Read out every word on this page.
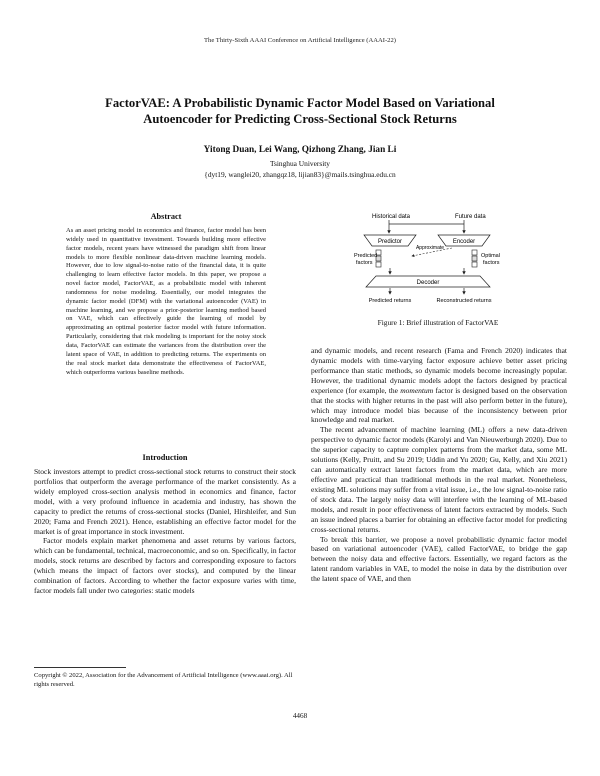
The Thirty-Sixth AAAI Conference on Artificial Intelligence (AAAI-22)
FactorVAE: A Probabilistic Dynamic Factor Model Based on Variational
Autoencoder for Predicting Cross-Sectional Stock Returns
Yitong Duan, Lei Wang, Qizhong Zhang, Jian Li
Tsinghua University
{dyt19, wanglei20, zhangqz18, lijian83}@mails.tsinghua.edu.cn
Abstract
As an asset pricing model in economics and finance, factor model has been widely used in quantitative investment. Towards building more effective factor models, recent years have witnessed the paradigm shift from linear models to more flexible nonlinear data-driven machine learning models. However, due to low signal-to-noise ratio of the financial data, it is quite challenging to learn effective factor models. In this paper, we propose a novel factor model, FactorVAE, as a probabilistic model with inherent randomness for noise modeling. Essentially, our model integrates the dynamic factor model (DFM) with the variational autoencoder (VAE) in machine learning, and we propose a prior-posterior learning method based on VAE, which can effectively guide the learning of model by approximating an optimal posterior factor model with future information. Particularly, considering that risk modeling is important for the noisy stock data, FactorVAE can estimate the variances from the distribution over the latent space of VAE, in addition to predicting returns. The experiments on the real stock market data demonstrate the effectiveness of FactorVAE, which outperforms various baseline methods.
Introduction

Stock investors attempt to predict cross-sectional stock returns to construct their stock portfolios that outperform the average performance of the market consistently. As a widely employed cross-section analysis method in economics and finance, factor model, with a very profound influence in academia and industry, has shown the capacity to predict the returns of cross-sectional stocks (Daniel, Hirshleifer, and Sun 2020; Fama and French 2021). Hence, establishing an effective factor model for the market is of great importance in stock investment.

Factor models explain market phenomena and asset returns by various factors, which can be fundamental, technical, macroeconomic, and so on. Specifically, in factor models, stock returns are described by factors and corresponding exposure to factors (which means the impact of factors over stocks), and computed by the linear combination of factors. According to whether the factor exposure varies with time, factor models fall under two categories: static models

Copyright © 2022, Association for the Advancement of Artificial Intelligence (www.aaai.org). All rights reserved.
Historical data	Future data
Predictor	Encoder
Approximate
Predicted
factors
Optimal
factors
Decoder
Predicted returns	Reconstructed returns
Figure 1: Brief illustration of FactorVAE

and dynamic models, and recent research (Fama and French 2020) indicates that dynamic models with time-varying factor exposure achieve better asset pricing performance than static methods, so dynamic models become increasingly popular. However, the traditional dynamic models adopt the factors designed by practical experience (for example, the momentum factor is designed based on the observation that the stocks with higher returns in the past will also perform better in the future), which may introduce model bias because of the inconsistency between prior knowledge and real market.

The recent advancement of machine learning (ML) offers a new data-driven perspective to dynamic factor models (Karolyi and Van Nieuwerburgh 2020). Due to the superior capacity to capture complex patterns from the market data, some ML solutions (Kelly, Pruitt, and Su 2019; Uddin and Yu 2020; Gu, Kelly, and Xiu 2021) can automatically extract latent factors from the market data, which are more effective and practical than traditional methods in the real market. Nonetheless, existing ML solutions may suffer from a vital issue, i.e., the low signal-to-noise ratio of stock data. The largely noisy data will interfere with the learning of ML-based models, and result in poor effectiveness of latent factors extracted by models. Such an issue indeed places a barrier for obtaining an effective factor model for predicting cross-sectional returns.

To break this barrier, we propose a novel probabilistic dynamic factor model based on variational autoencoder (VAE), called FactorVAE, to bridge the gap between the noisy data and effective factors. Essentially, we regard factors as the latent random variables in VAE, to model the noise in data by the distribution over the latent space of VAE, and then

4468
